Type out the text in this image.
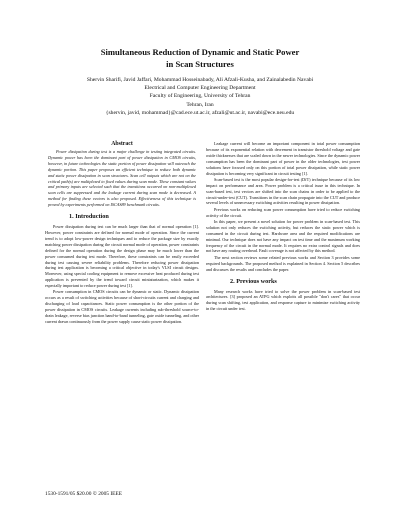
Simultaneous Reduction of Dynamic and Static Power
in Scan Structures
Shervin Sharifi, Javid Jaffari, Mohammad Hosseinabady, Ali Afzali-Kusha, and Zainalabedin Navabi
Electrical and Computer Engineering Department
Faculty of Engineering, University of Tehran
Tehran, Iran
{shervin, javid, mohammad}@cad.ece.ut.ac.ir, afzali@ut.ac.ir, navabi@ece.neu.edu
Abstract

Power dissipation during test is a major challenge in testing integrated circuits. Dynamic power has been the dominant part of power dissipation in CMOS circuits, however, in future technologies the static portion of power dissipation will outreach the dynamic portion. This paper proposes an efficient technique to reduce both dynamic and static power dissipation in scan structures. Scan cell outputs which are not on the critical path(s) are multiplexed to fixed values during scan mode. These constant values and primary inputs are selected such that the transitions occurred on non-multiplexed scan cells are suppressed and the leakage current during scan mode is decreased. A method for finding these vectors is also proposed. Effectiveness of this technique is proved by experiments performed on ISCAS89 benchmark circuits.

1. Introduction

Power dissipation during test can be much larger than that of normal operation [1]. However, power constraints are defined for normal mode of operation. Since the current trend is to adopt low-power design techniques and to reduce the package size by exactly matching power dissipation during the circuit normal mode of operation, power constraints defined for the normal operation during the design phase may be much lower than the power consumed during test mode. Therefore, these constraints can be easily exceeded during test causing severe reliability problems. Therefore reducing power dissipation during test application is becoming a critical objective in today's VLSI circuit designs. Moreover, using special cooling equipment to remove excessive heat produced during test application is prevented by the trend toward circuit miniaturization, which makes it especially important to reduce power during test [1].

Power consumption in CMOS circuits can be dynamic or static. Dynamic dissipation occurs as a result of switching activities because of short-circuits current and charging and discharging of load capacitances. Static power consumption is the other portion of the power dissipation in CMOS circuits. Leakage currents including sub-threshold source-to-drain leakage, reverse bias junction band-to-band tunneling, gate oxide tunneling, and other current drawn continuously from the power supply cause static power dissipation.

Leakage current will become an important component in total power consumption because of its exponential relation with decrement in transistor threshold voltage and gate oxide thicknesses that are scaled down in the newer technologies. Since the dynamic power consumption has been the dominant part of power in the older technologies, test power solutions have focused only on this portion of total power dissipation, while static power dissipation is becoming very significant in circuit testing [1].

Scan-based test is the most popular design-for-test (DfT) technique because of its low impact on performance and area. Power problem is a critical issue in this technique. In scan-based test, test vectors are shifted into the scan chains in order to be applied to the circuit-under-test (CUT). Transitions in the scan chain propagate into the CUT and produce several levels of unnecessary switching activities resulting in power dissipation.

Previous works on reducing scan power consumption have tried to reduce switching activity of the circuit.

In this paper, we present a novel solution for power problem in scan-based test. This solution not only reduces the switching activity, but reduces the static power which is consumed in the circuit during test. Hardware area and the required modifications are minimal. Our technique does not have any impact on test time and the maximum working frequency of the circuit in the normal mode. It requires no extra control signals and does not have any routing overhead. Fault coverage is not affected by this method.

The next section reviews some related previous works and Section 3 provides some required backgrounds. The proposed method is explained in Section 4. Section 5 describes and discusses the results and concludes the paper.

2. Previous works

Many research works have tried to solve the power problem in scan-based test architectures. [3] proposed an ATPG which exploits all possible "don't cares" that occur during scan shifting, test application, and response capture to minimize switching activity in the circuit under test.

1530-1591/05 $20.00 © 2005 IEEE
